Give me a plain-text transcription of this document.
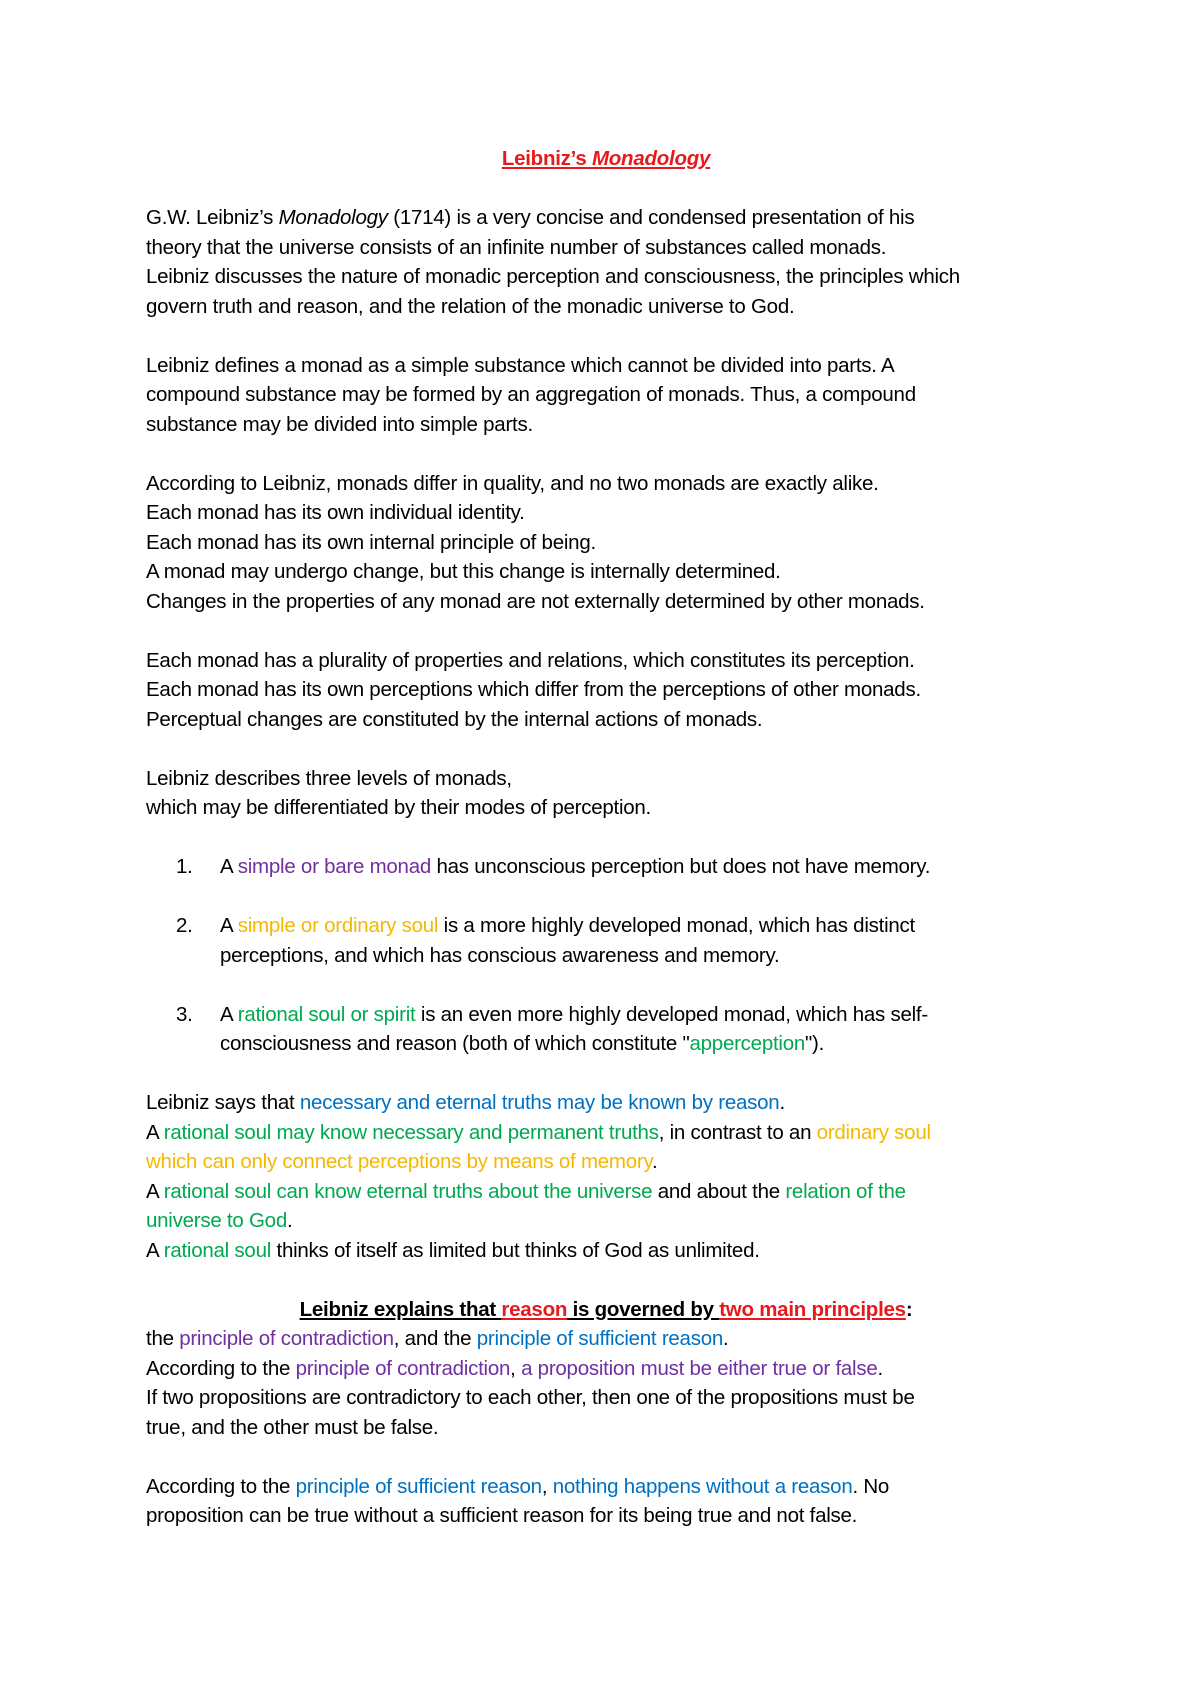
Leibniz’s Monadology
G.W. Leibniz’s Monadology (1714) is a very concise and condensed presentation of his
theory that the universe consists of an infinite number of substances called monads.
Leibniz discusses the nature of monadic perception and consciousness, the principles which
govern truth and reason, and the relation of the monadic universe to God.
Leibniz defines a monad as a simple substance which cannot be divided into parts. A
compound substance may be formed by an aggregation of monads. Thus, a compound
substance may be divided into simple parts.
According to Leibniz, monads differ in quality, and no two monads are exactly alike.
Each monad has its own individual identity.
Each monad has its own internal principle of being.
A monad may undergo change, but this change is internally determined.
Changes in the properties of any monad are not externally determined by other monads.
Each monad has a plurality of properties and relations, which constitutes its perception.
Each monad has its own perceptions which differ from the perceptions of other monads.
Perceptual changes are constituted by the internal actions of monads.
Leibniz describes three levels of monads,
which may be differentiated by their modes of perception.
1. A simple or bare monad has unconscious perception but does not have memory.
2. A simple or ordinary soul is a more highly developed monad, which has distinct
perceptions, and which has conscious awareness and memory.
3. A rational soul or spirit is an even more highly developed monad, which has self-
consciousness and reason (both of which constitute "apperception").
Leibniz says that necessary and eternal truths may be known by reason.
A rational soul may know necessary and permanent truths, in contrast to an ordinary soul
which can only connect perceptions by means of memory.
A rational soul can know eternal truths about the universe and about the relation of the
universe to God.
A rational soul thinks of itself as limited but thinks of God as unlimited.
Leibniz explains that reason is governed by two main principles:
the principle of contradiction, and the principle of sufficient reason.
According to the principle of contradiction, a proposition must be either true or false.
If two propositions are contradictory to each other, then one of the propositions must be
true, and the other must be false.
According to the principle of sufficient reason, nothing happens without a reason. No
proposition can be true without a sufficient reason for its being true and not false.
